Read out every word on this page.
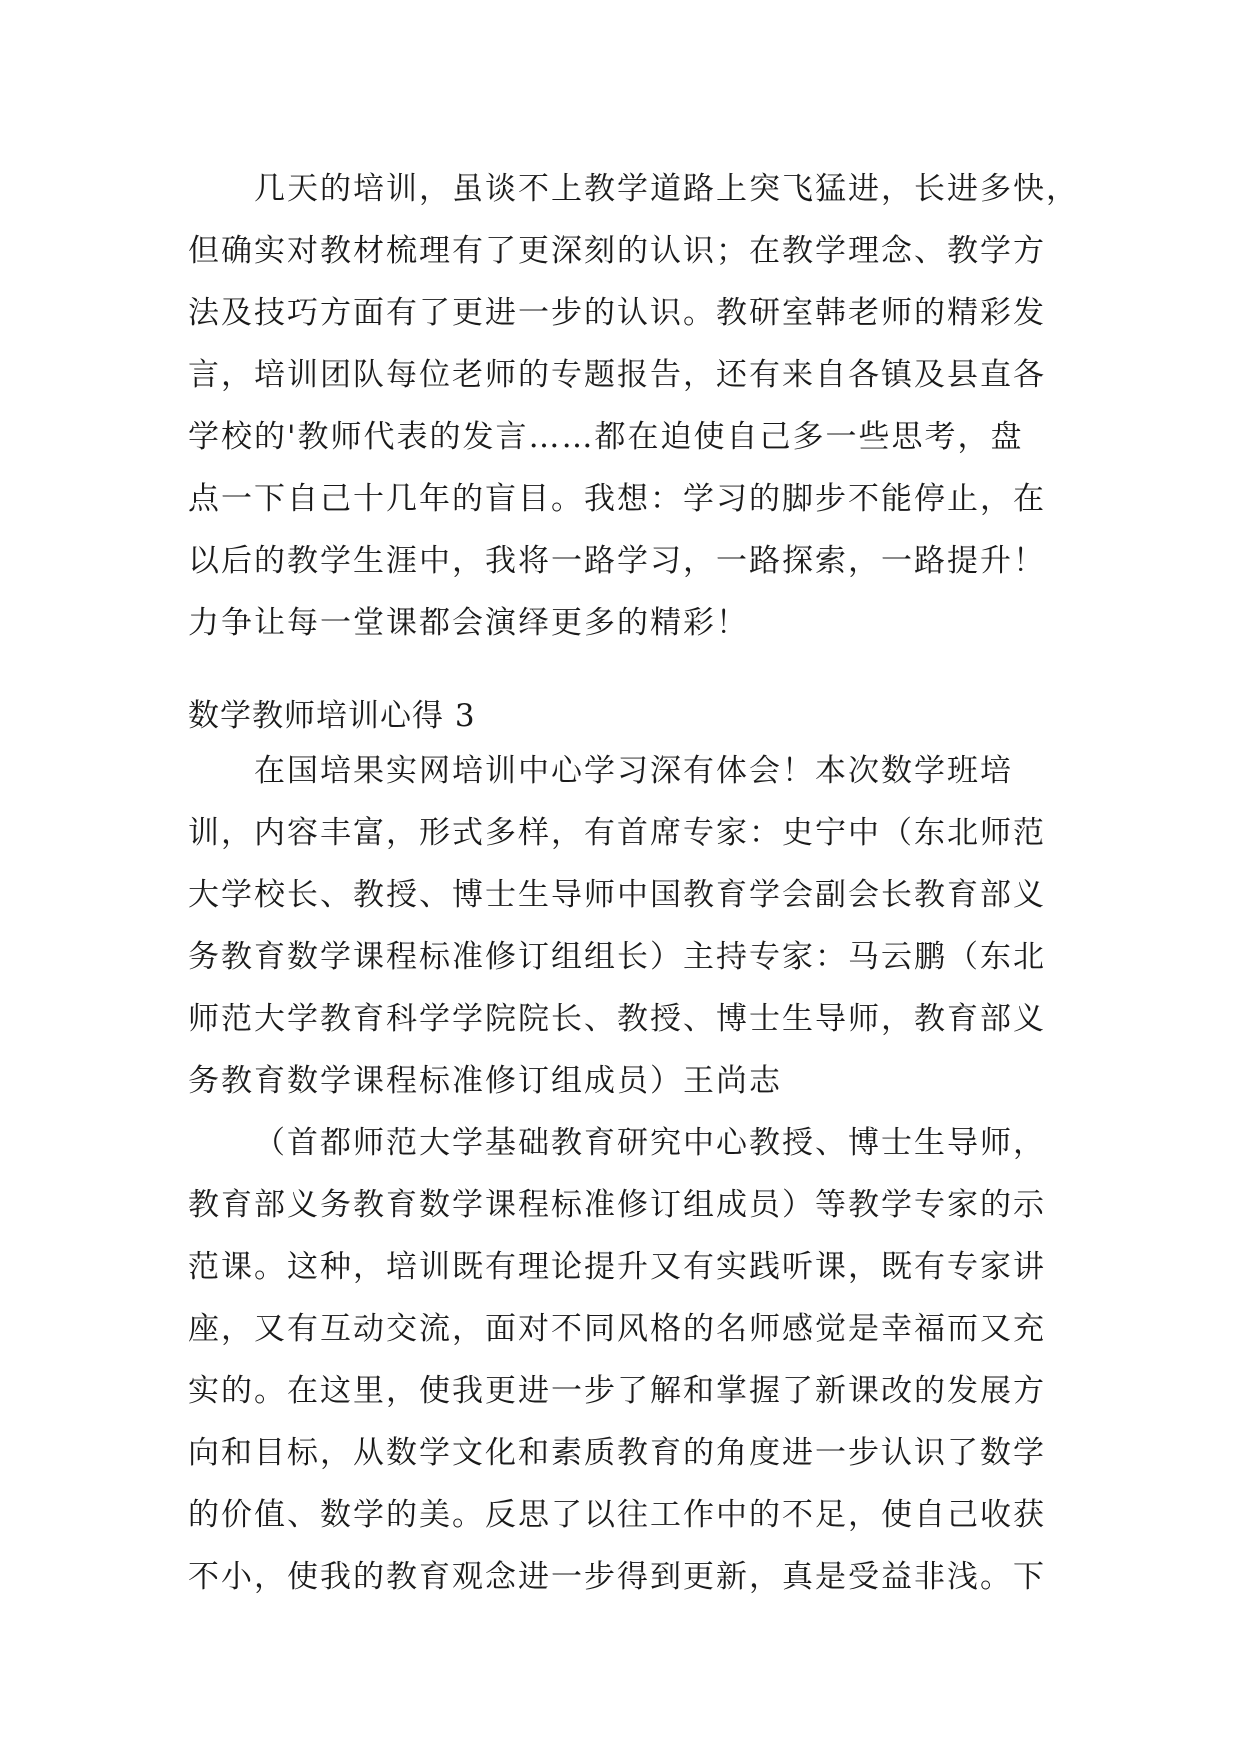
几天的培训，虽谈不上教学道路上突飞猛进，长进多快，
但确实对教材梳理有了更深刻的认识；在教学理念、教学方
法及技巧方面有了更进一步的认识。教研室韩老师的精彩发
言，培训团队每位老师的专题报告，还有来自各镇及县直各
学校的'教师代表的发言……都在迫使自己多一些思考，盘
点一下自己十几年的盲目。我想：学习的脚步不能停止，在
以后的教学生涯中，我将一路学习，一路探索，一路提升！
力争让每一堂课都会演绎更多的精彩！
数学教师培训心得 3
在国培果实网培训中心学习深有体会！本次数学班培
训，内容丰富，形式多样，有首席专家：史宁中（东北师范
大学校长、教授、博士生导师中国教育学会副会长教育部义
务教育数学课程标准修订组组长）主持专家：马云鹏（东北
师范大学教育科学学院院长、教授、博士生导师，教育部义
务教育数学课程标准修订组成员）王尚志
（首都师范大学基础教育研究中心教授、博士生导师，
教育部义务教育数学课程标准修订组成员）等教学专家的示
范课。这种，培训既有理论提升又有实践听课，既有专家讲
座，又有互动交流，面对不同风格的名师感觉是幸福而又充
实的。在这里，使我更进一步了解和掌握了新课改的发展方
向和目标，从数学文化和素质教育的角度进一步认识了数学
的价值、数学的美。反思了以往工作中的不足，使自己收获
不小，使我的教育观念进一步得到更新，真是受益非浅。下
